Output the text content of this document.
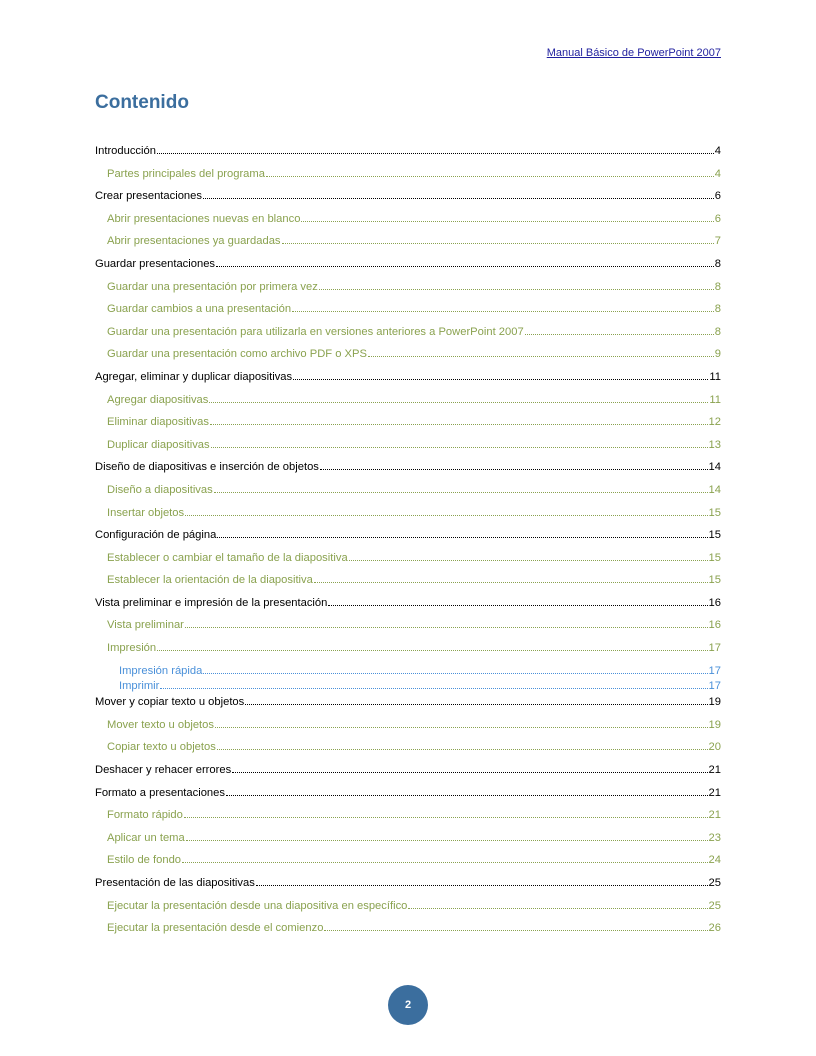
Manual Básico de PowerPoint 2007
Contenido
Introducción	4
Partes principales del programa	4
Crear presentaciones	6
Abrir presentaciones nuevas en blanco	6
Abrir presentaciones ya guardadas	7
Guardar presentaciones	8
Guardar una presentación por primera vez	8
Guardar cambios a una presentación	8
Guardar una presentación para utilizarla en versiones anteriores a PowerPoint 2007	8
Guardar una presentación como archivo PDF o XPS	9
Agregar, eliminar y duplicar diapositivas	11
Agregar diapositivas	11
Eliminar diapositivas	12
Duplicar diapositivas	13
Diseño de diapositivas e inserción de objetos	14
Diseño a diapositivas	14
Insertar objetos	15
Configuración de página	15
Establecer o cambiar el tamaño de la diapositiva	15
Establecer la orientación de la diapositiva	15
Vista preliminar e impresión de la presentación	16
Vista preliminar	16
Impresión	17
Impresión rápida	17
Imprimir	17
Mover y copiar texto u objetos	19
Mover texto u objetos	19
Copiar texto u objetos	20
Deshacer y rehacer errores	21
Formato a presentaciones	21
Formato rápido	21
Aplicar un tema	23
Estilo de fondo	24
Presentación de las diapositivas	25
Ejecutar la presentación desde una diapositiva en específico	25
Ejecutar la presentación desde el comienzo	26
2
